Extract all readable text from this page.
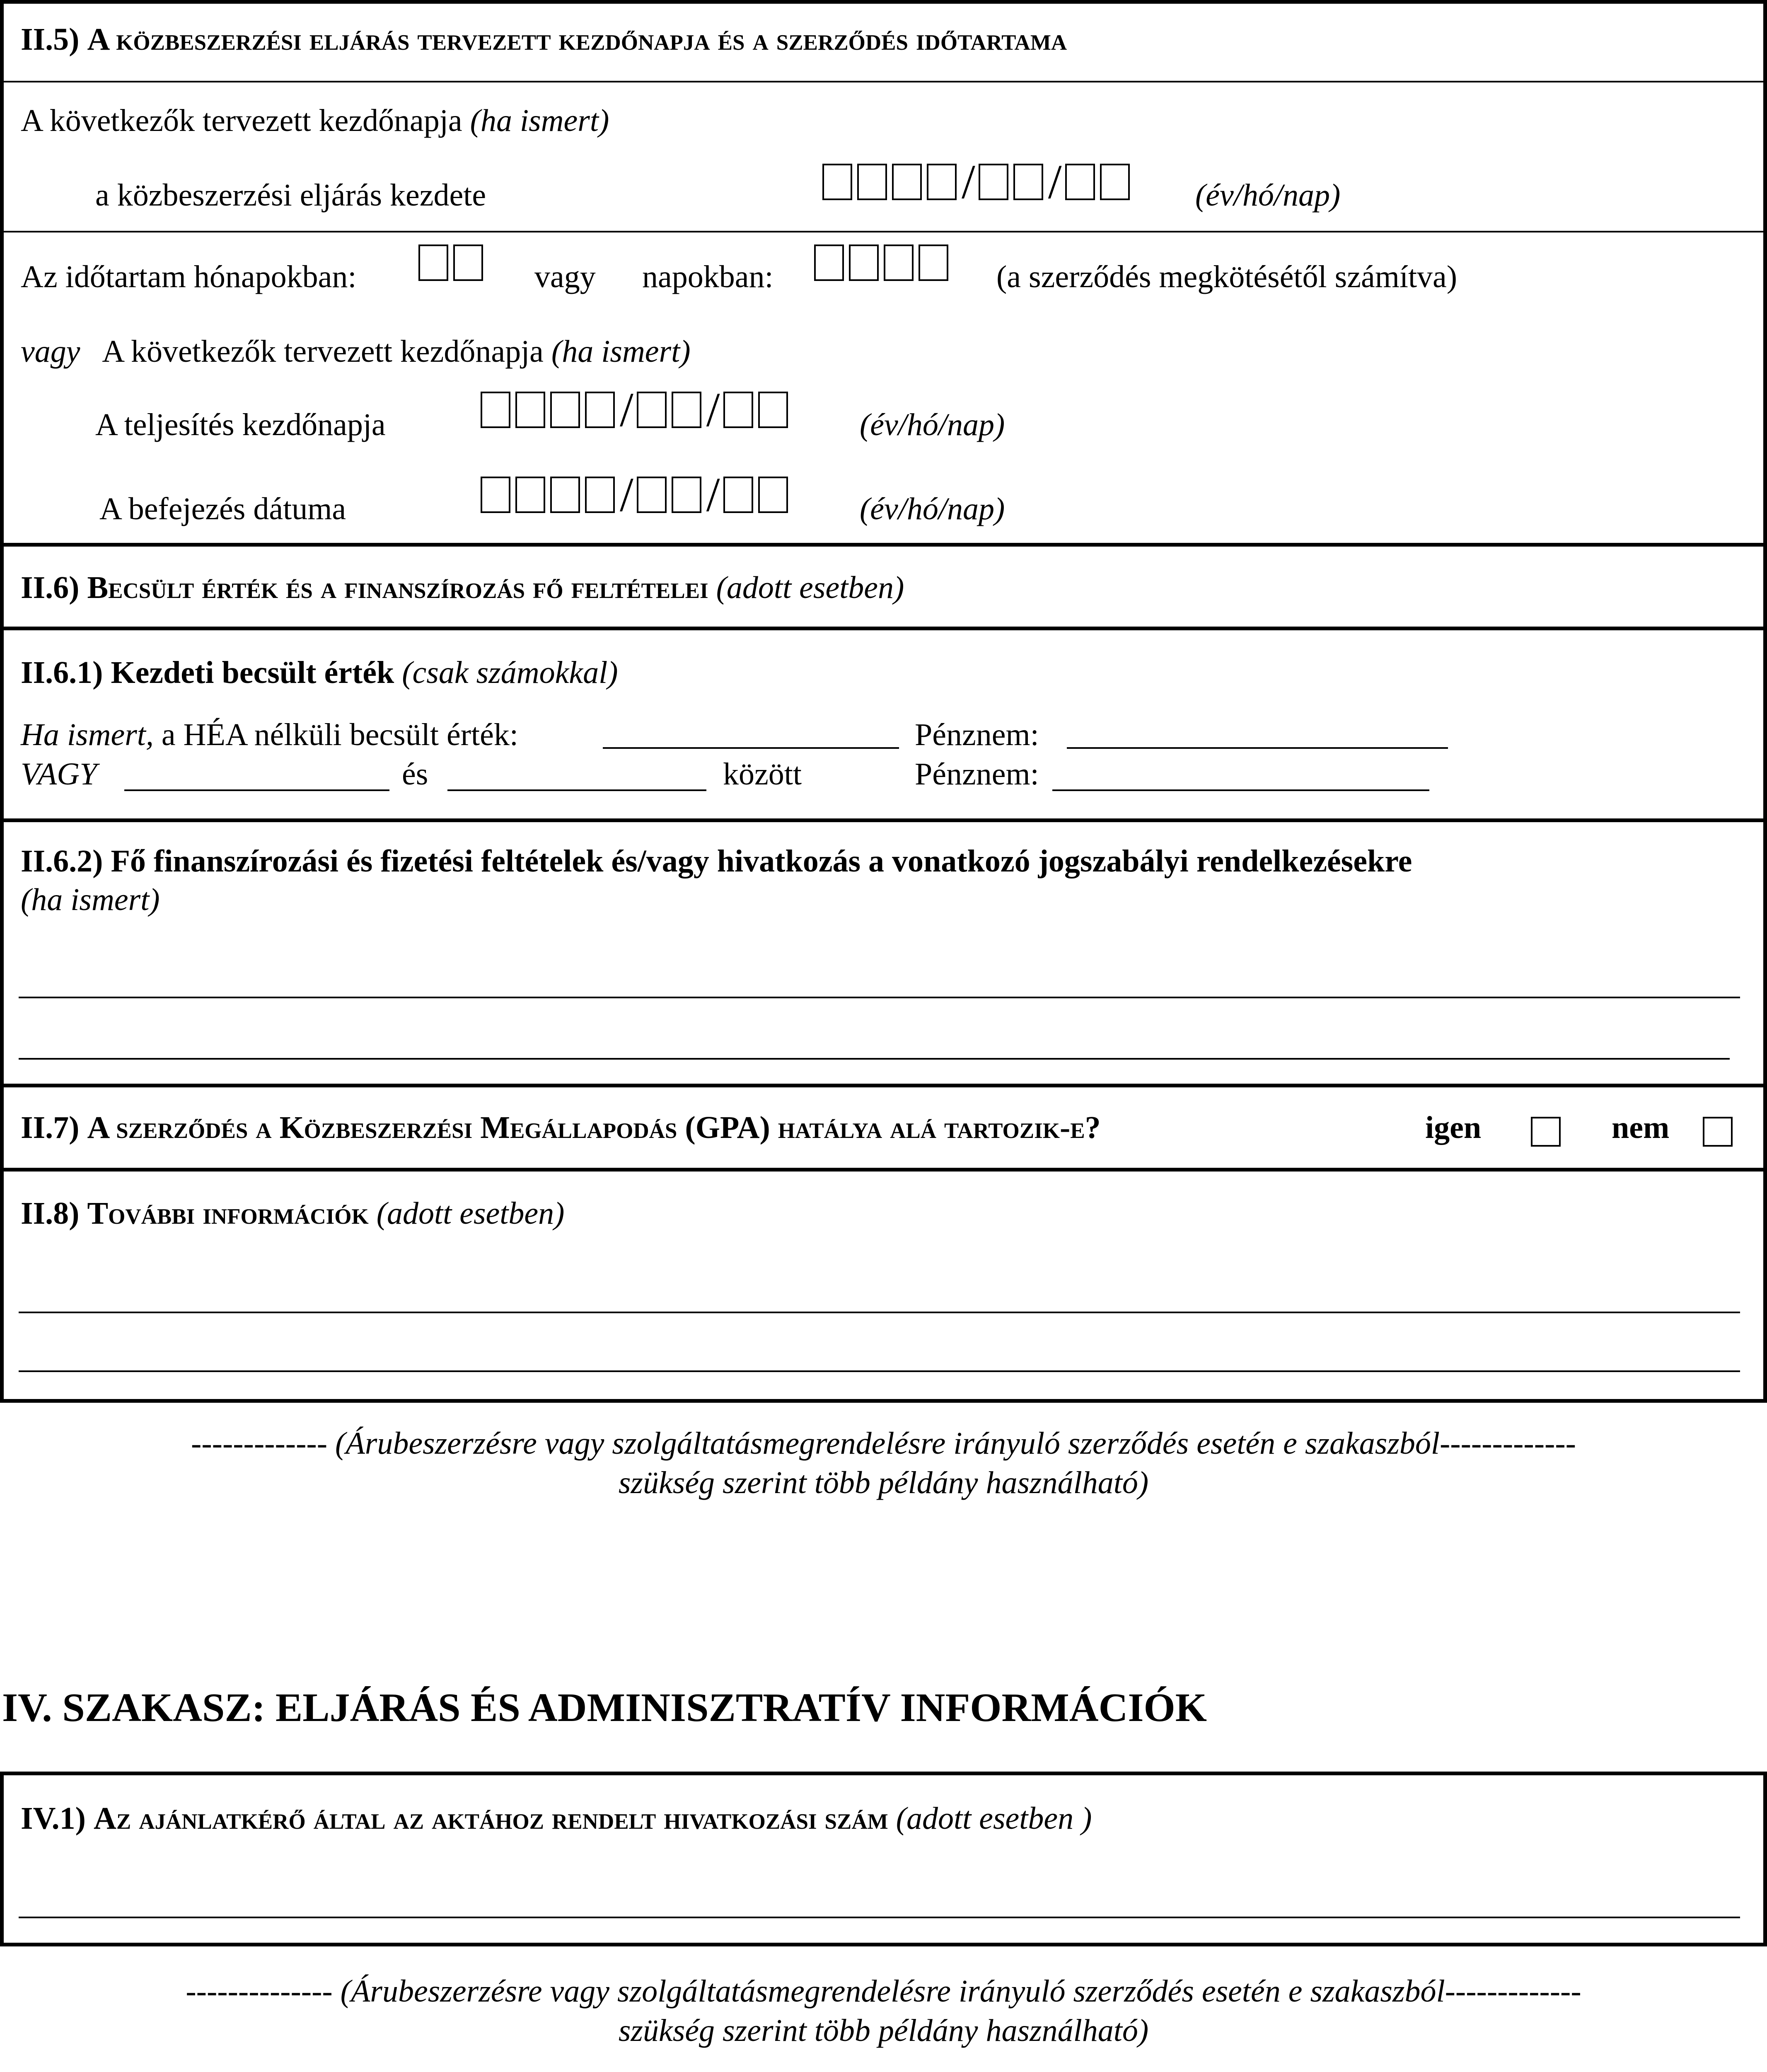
II.5) A közbeszerzési eljárás tervezett kezdőnapja és a szerződés időtartama
A következők tervezett kezdőnapja (ha ismert)
a közbeszerzési eljárás kezdete	/ /	(év/hó/nap)
Az időtartam hónapokban:	vagy napokban:	(a szerződés megkötésétől számítva)
vagy A következők tervezett kezdőnapja (ha ismert)
A teljesítés kezdőnapja	/ /	(év/hó/nap)
A befejezés dátuma	/ /	(év/hó/nap)
II.6) Becsült érték és a finanszírozás fő feltételei (adott esetben)
II.6.1) Kezdeti becsült érték (csak számokkal)
Ha ismert, a HÉA nélküli becsült érték:	Pénznem:
VAGY	és	között	Pénznem:
II.6.2) Fő finanszírozási és fizetési feltételek és/vagy hivatkozás a vonatkozó jogszabályi rendelkezésekre
(ha ismert)
II.7) A szerződés a Közbeszerzési Megállapodás (GPA) hatálya alá tartozik-e?	igen	nem
II.8) További információk (adott esetben)
------------- (Árubeszerzésre vagy szolgáltatásmegrendelésre irányuló szerződés esetén e szakaszból-------------
szükség szerint több példány használható)
IV. SZAKASZ: ELJÁRÁS ÉS ADMINISZTRATÍV INFORMÁCIÓK
IV.1) Az ajánlatkérő által az aktához rendelt hivatkozási szám (adott esetben )
-------------- (Árubeszerzésre vagy szolgáltatásmegrendelésre irányuló szerződés esetén e szakaszból-------------
szükség szerint több példány használható)
